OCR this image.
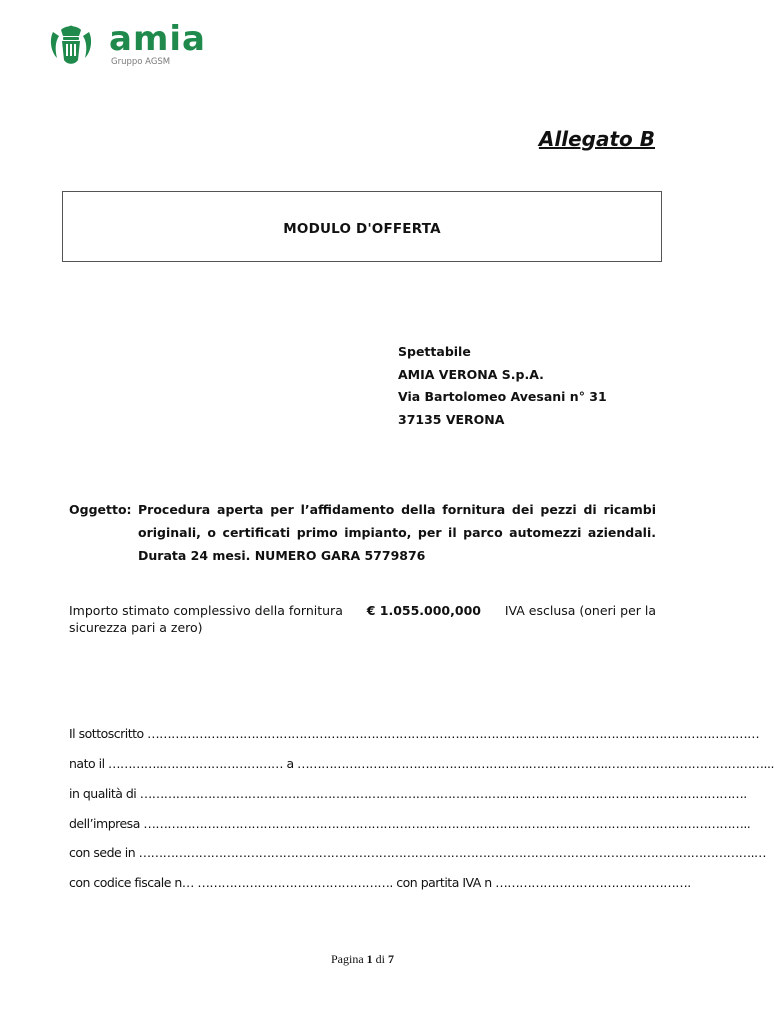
amia
Gruppo AGSM
Allegato B
MODULO D'OFFERTA
Spettabile
AMIA VERONA S.p.A.
Via Bartolomeo Avesani n° 31
37135 VERONA
Oggetto: Procedura aperta per l’affidamento della fornitura dei pezzi di ricambi originali, o certificati primo impianto, per il parco automezzi aziendali. Durata 24 mesi. NUMERO GARA 5779876
Importo stimato complessivo della fornitura € 1.055.000,000 IVA esclusa (oneri per la
sicurezza pari a zero)
Il sottoscritto ………………………………………………………………………………………………………………………………………
nato il …………..………………………… a ………………………………………………….………………..…………………………………...
in qualità di ……………………………………………………………………………….…………………………………………………….
dell’impresa ……………………………………………………………………………………………………………………………………..
con sede in ……………………………………………………………………………………………………………………………………….…
con codice fiscale n… …………………………………………. con partita IVA n ………………………………………….
Pagina 1 di 7
